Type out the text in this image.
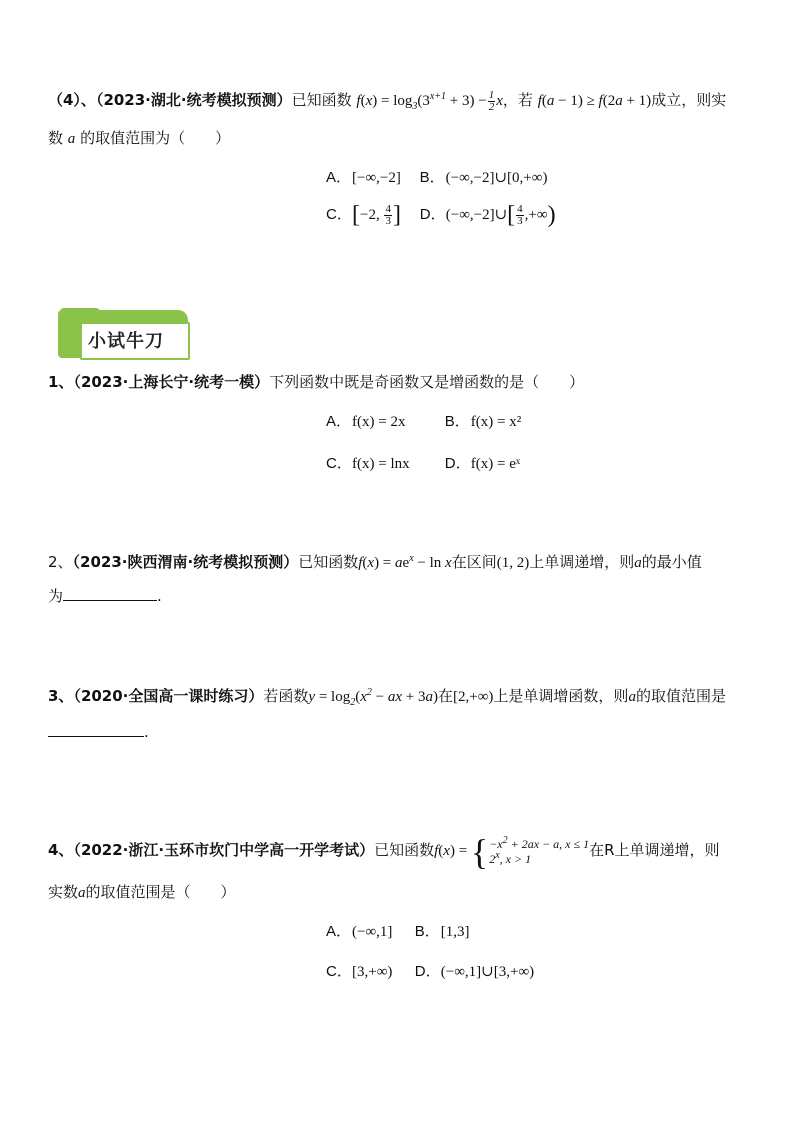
（4）、（2023·湖北·统考模拟预测）已知函数 $f(x) = \log_3(3^{x+1} + 3) - \frac{1}{2}$ x，若 f(a − 1) ≥ f(2a + 1)成立，则实
数 a 的取值范围为（　　）
A．[−∞,−2] B．(−∞,−2]∪[0,+∞)
C．[−2, $\frac{4}{3}$ ] D．(−∞,−2]∪[ $\frac{4}{3}$ ,+∞)
小试牛刀
1、（2023·上海长宁·统考一模）下列函数中既是奇函数又是增函数的是（　　）
A．f(x) = 2x	B．f(x) = x²
C．f(x) = lnx D．f(x) = eˣ
2、（2023·陕西渭南·统考模拟预测）已知函数$f(x) = ae^x - \ln x$在区间(1, 2)上单调递增，则a的最小值
为	.
3、（2020·全国高一课时练习）若函数$y = \log_2(x^2$ − ax + 3a)在[2,+∞)上是单调增函数，则a的取值范围是
.
4、（2022·浙江·玉环市坎门中学高一开学考试）已知函数f(x) = { $-x^2 + 2ax - a$, x ≤ 1
2$^x$, x > 1	在R上单调递增，则
实数a的取值范围是（　　）
A．(−∞,1] B．[1,3]
C．[3,+∞) D．(−∞,1]∪[3,+∞)
